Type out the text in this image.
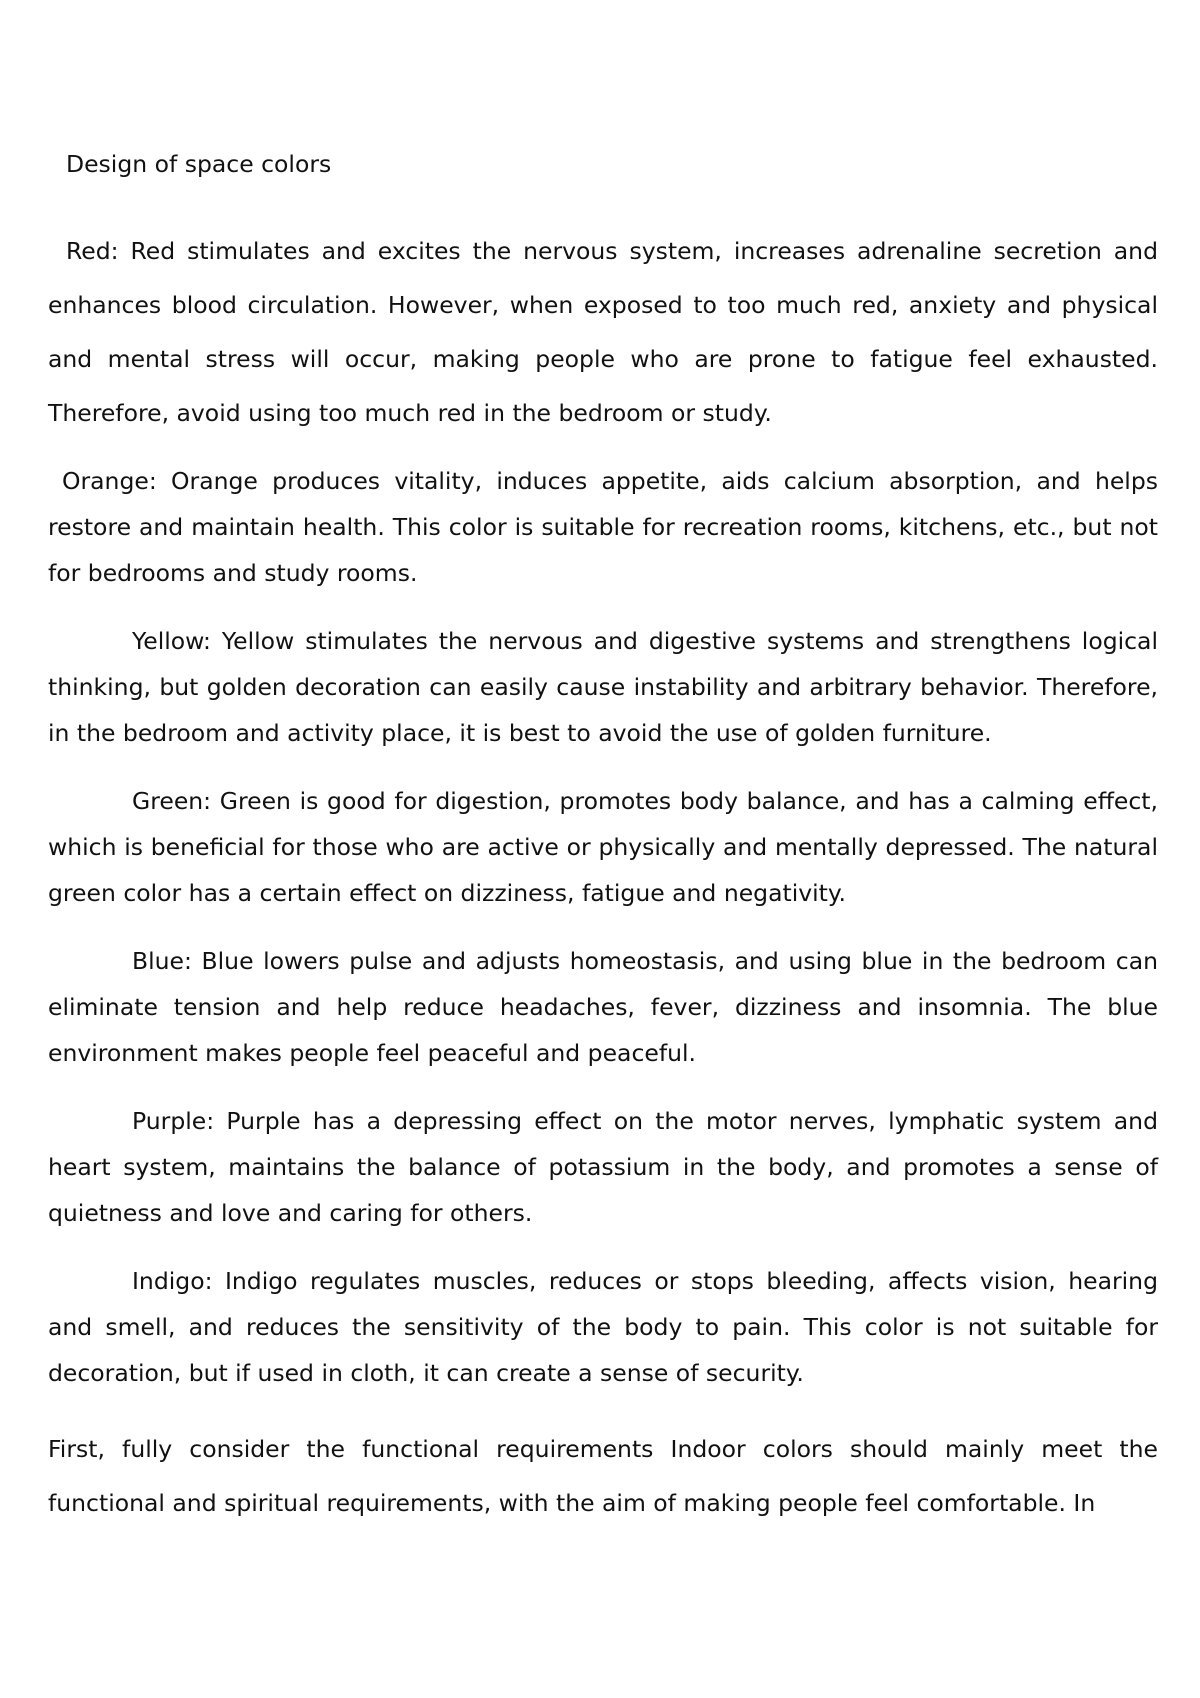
Design of space colors

Red: Red stimulates and excites the nervous system, increases adrenaline secretion and enhances blood circulation. However, when exposed to too much red, anxiety and physical and mental stress will occur, making people who are prone to fatigue feel exhausted. Therefore, avoid using too much red in the bedroom or study.

Orange: Orange produces vitality, induces appetite, aids calcium absorption, and helps restore and maintain health. This color is suitable for recreation rooms, kitchens, etc., but not for bedrooms and study rooms.

Yellow: Yellow stimulates the nervous and digestive systems and strengthens logical thinking, but golden decoration can easily cause instability and arbitrary behavior. Therefore, in the bedroom and activity place, it is best to avoid the use of golden furniture.

Green: Green is good for digestion, promotes body balance, and has a calming effect, which is beneficial for those who are active or physically and mentally depressed. The natural green color has a certain effect on dizziness, fatigue and negativity.

Blue: Blue lowers pulse and adjusts homeostasis, and using blue in the bedroom can eliminate tension and help reduce headaches, fever, dizziness and insomnia. The blue environment makes people feel peaceful and peaceful.

Purple: Purple has a depressing effect on the motor nerves, lymphatic system and heart system, maintains the balance of potassium in the body, and promotes a sense of quietness and love and caring for others.

Indigo: Indigo regulates muscles, reduces or stops bleeding, affects vision, hearing and smell, and reduces the sensitivity of the body to pain. This color is not suitable for decoration, but if used in cloth, it can create a sense of security.

First, fully consider the functional requirements Indoor colors should mainly meet the functional and spiritual requirements, with the aim of making people feel comfortable. In
